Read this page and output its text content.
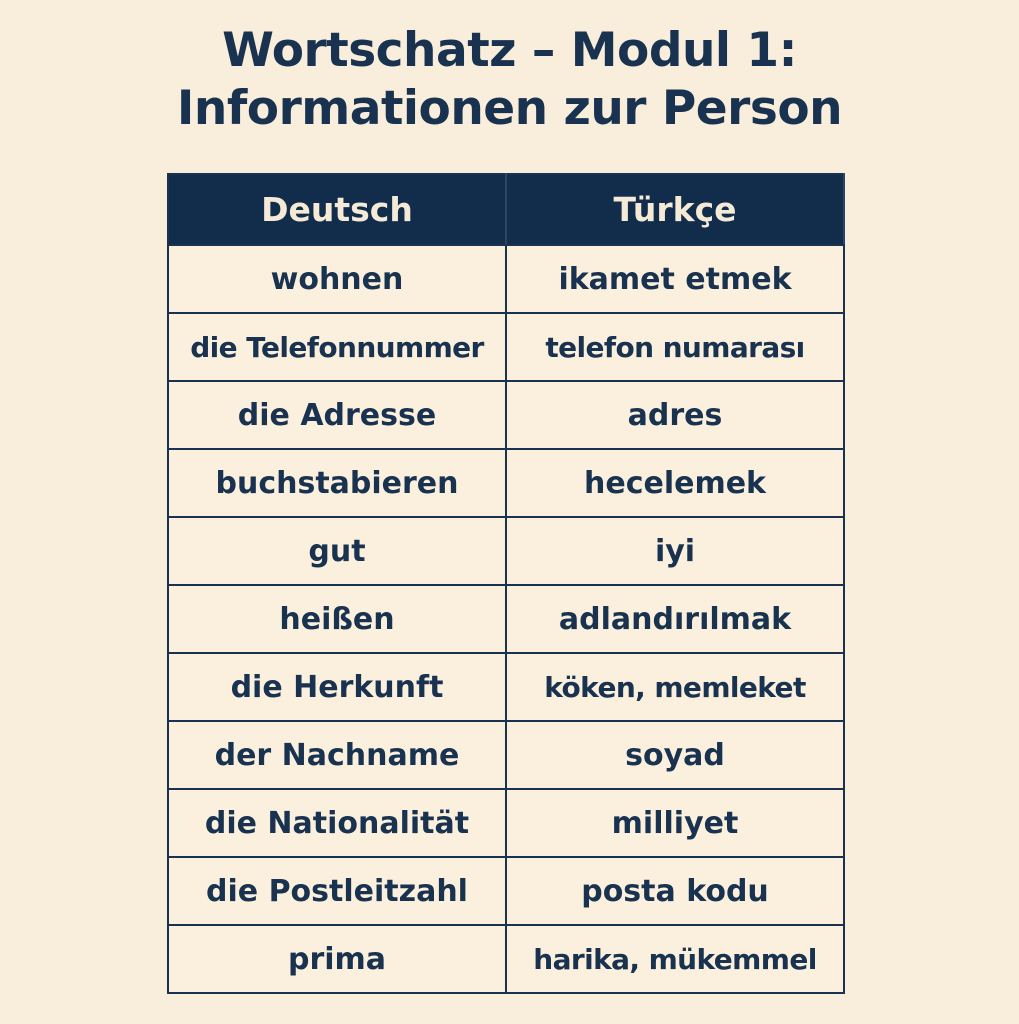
Wortschatz – Modul 1:
Informationen zur Person
Deutsch	Türkçe
wohnen	ikamet etmek
die Telefonnummer	telefon numarası
die Adresse	adres
buchstabieren	hecelemek
gut	iyi
heißen	adlandırılmak
die Herkunft	köken, memleket
der Nachname	soyad
die Nationalität	milliyet
die Postleitzahl	posta kodu
prima	harika, mükemmel
